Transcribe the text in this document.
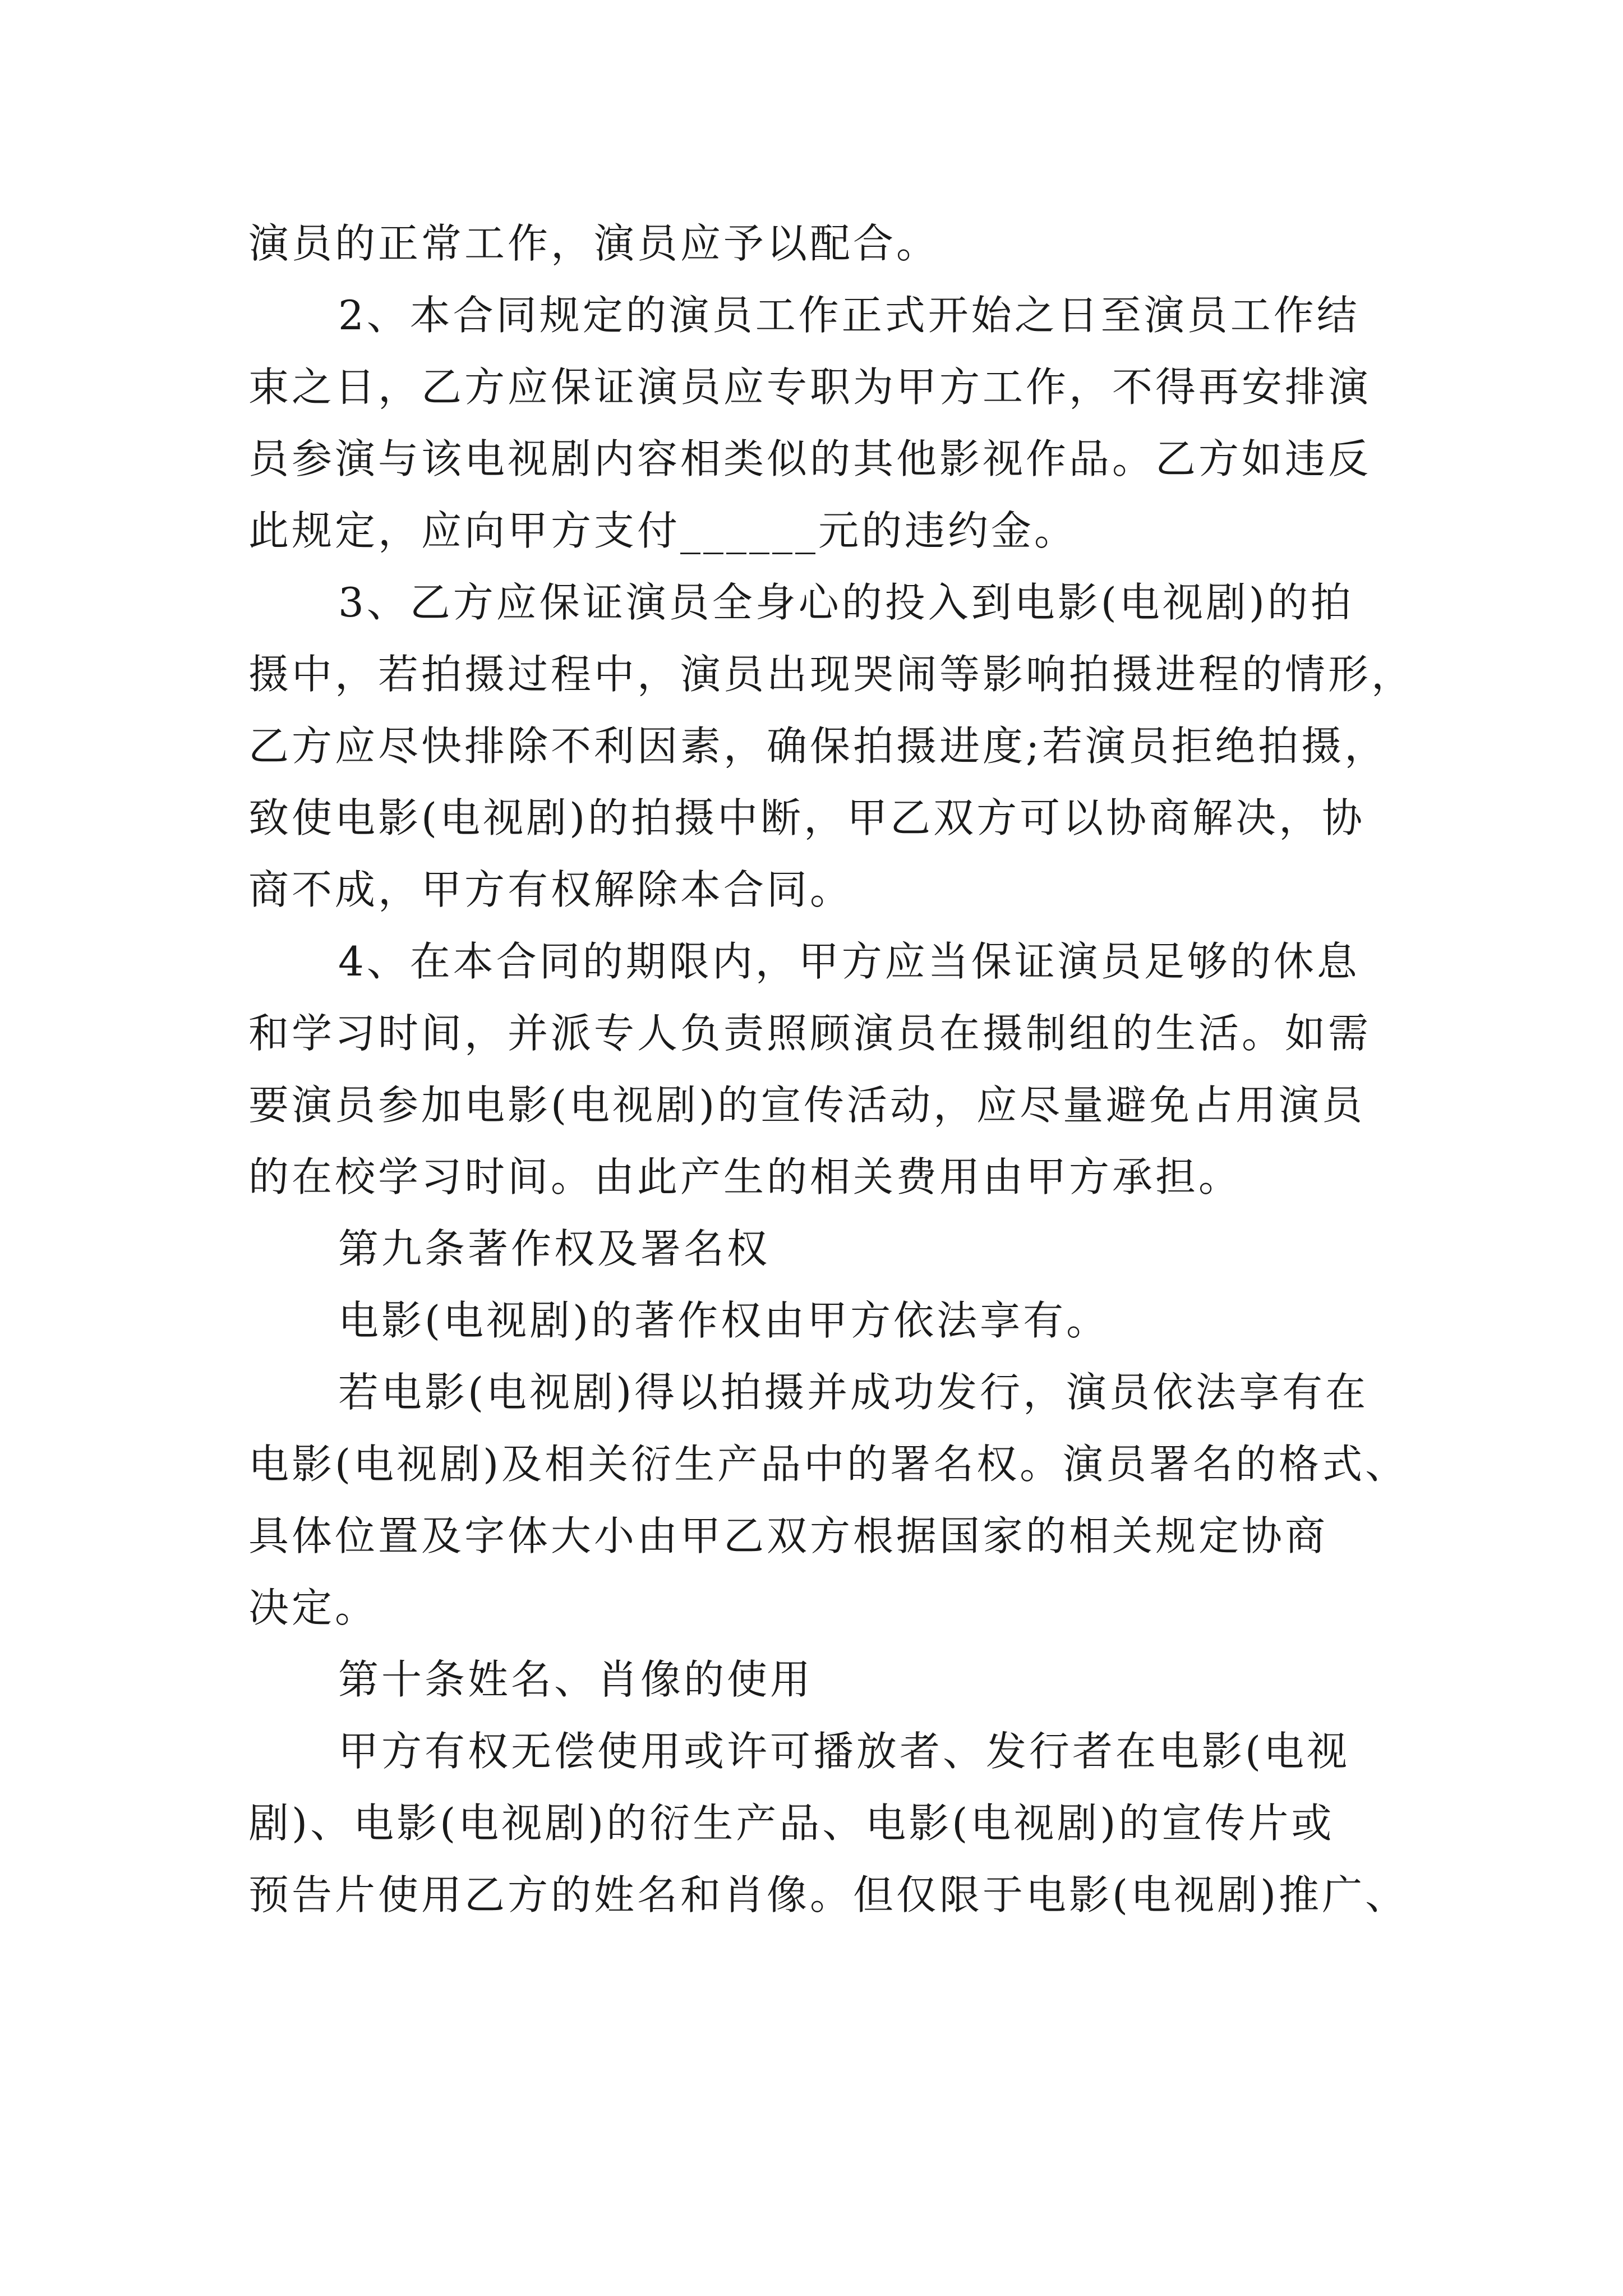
演员的正常工作，演员应予以配合。
2、本合同规定的演员工作正式开始之日至演员工作结
束之日，乙方应保证演员应专职为甲方工作，不得再安排演
员参演与该电视剧内容相类似的其他影视作品。乙方如违反
此规定，应向甲方支付______元的违约金。
3、乙方应保证演员全身心的投入到电影(电视剧)的拍
摄中，若拍摄过程中，演员出现哭闹等影响拍摄进程的情形，
乙方应尽快排除不利因素，确保拍摄进度;若演员拒绝拍摄，
致使电影(电视剧)的拍摄中断，甲乙双方可以协商解决，协
商不成，甲方有权解除本合同。
4、在本合同的期限内，甲方应当保证演员足够的休息
和学习时间，并派专人负责照顾演员在摄制组的生活。如需
要演员参加电影(电视剧)的宣传活动，应尽量避免占用演员
的在校学习时间。由此产生的相关费用由甲方承担。
第九条著作权及署名权
电影(电视剧)的著作权由甲方依法享有。
若电影(电视剧)得以拍摄并成功发行，演员依法享有在
电影(电视剧)及相关衍生产品中的署名权。演员署名的格式、
具体位置及字体大小由甲乙双方根据国家的相关规定协商
决定。
第十条姓名、肖像的使用
甲方有权无偿使用或许可播放者、发行者在电影(电视
剧)、电影(电视剧)的衍生产品、电影(电视剧)的宣传片或
预告片使用乙方的姓名和肖像。但仅限于电影(电视剧)推广、
